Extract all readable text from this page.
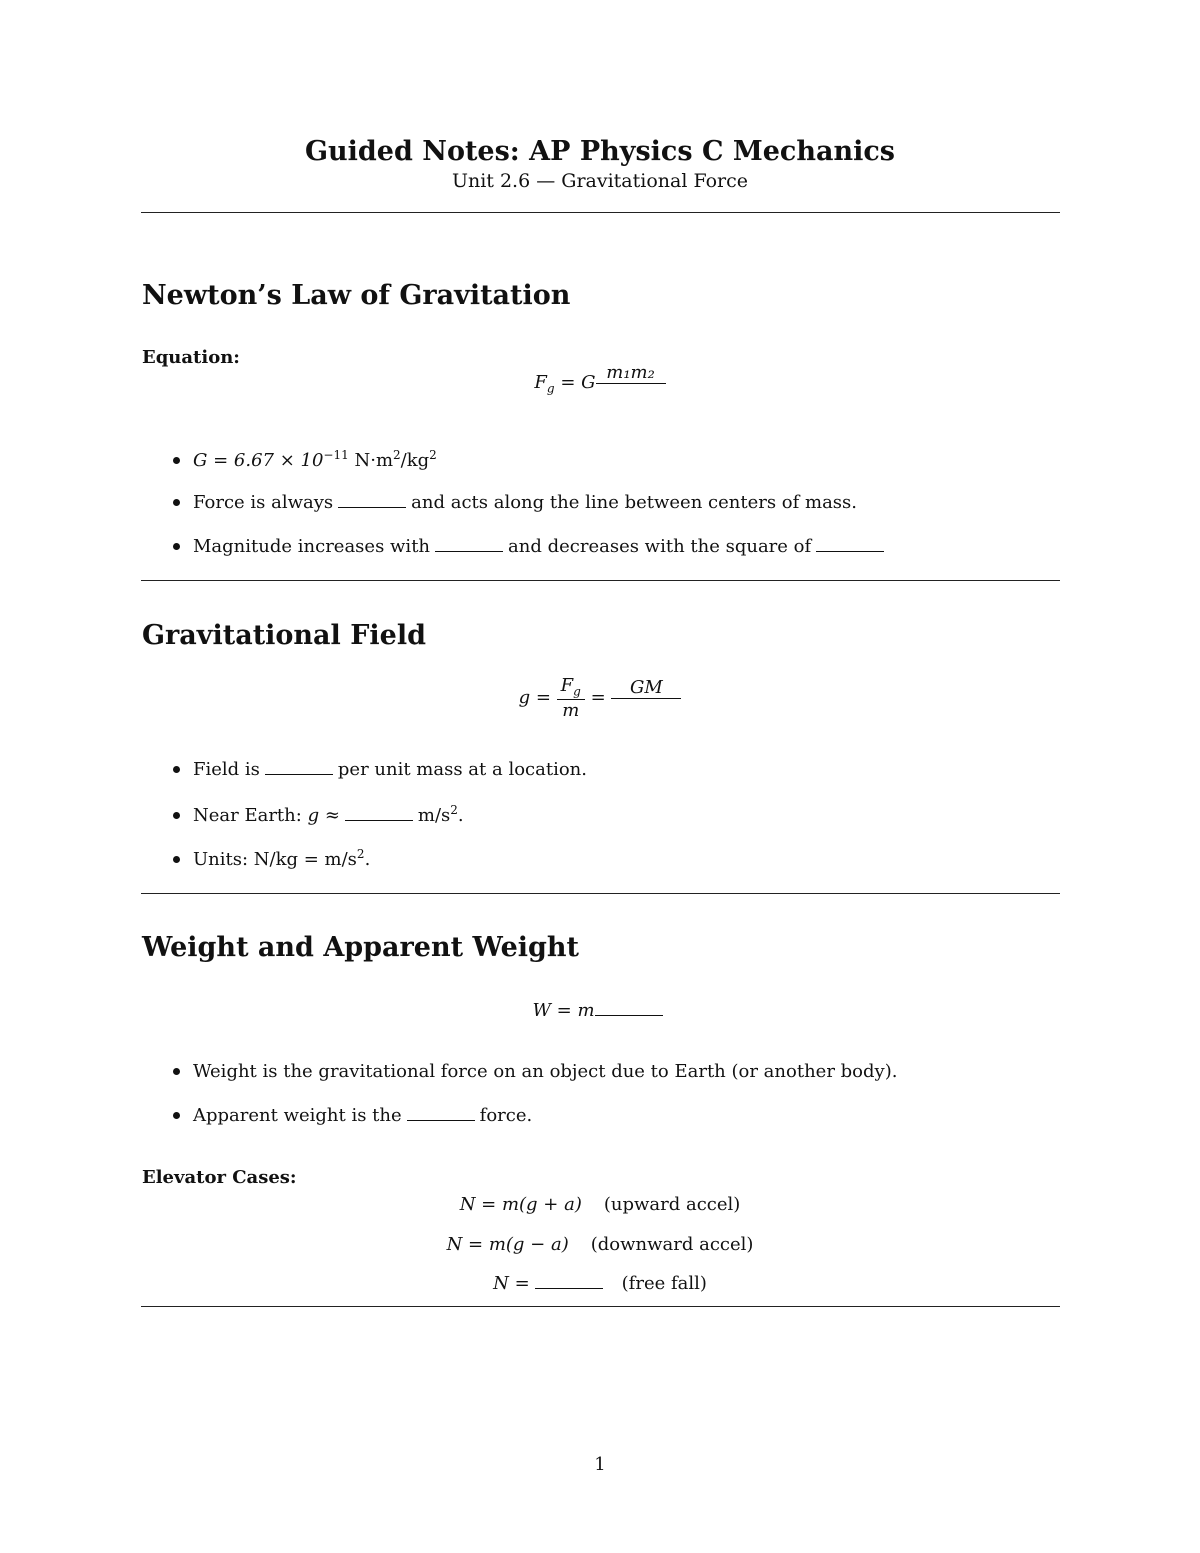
Guided Notes: AP Physics C Mechanics
Unit 2.6 — Gravitational Force
Newton’s Law of Gravitation
Equation:
$F_g = G$ m₁m₂
$G = 6.67 \times 10^{-11}$ $N\cdot m^2/kg^2$
Force is always	and acts along the line between centers of mass.
Magnitude increases with	and decreases with the square of
Gravitational Field
$g = \frac{F_g}{m}$ =	GM
Field is	per unit mass at a location.
Near Earth: g ≈	$m/s^2$.
Units: $N/kg = m/s^2$.
Weight and Apparent Weight
W = m
Weight is the gravitational force on an object due to Earth (or another body).
Apparent weight is the	force.
Elevator Cases:
N = m(g + a) (upward accel)
N = m(g − a) (downward accel)
N =	(free fall)
1
